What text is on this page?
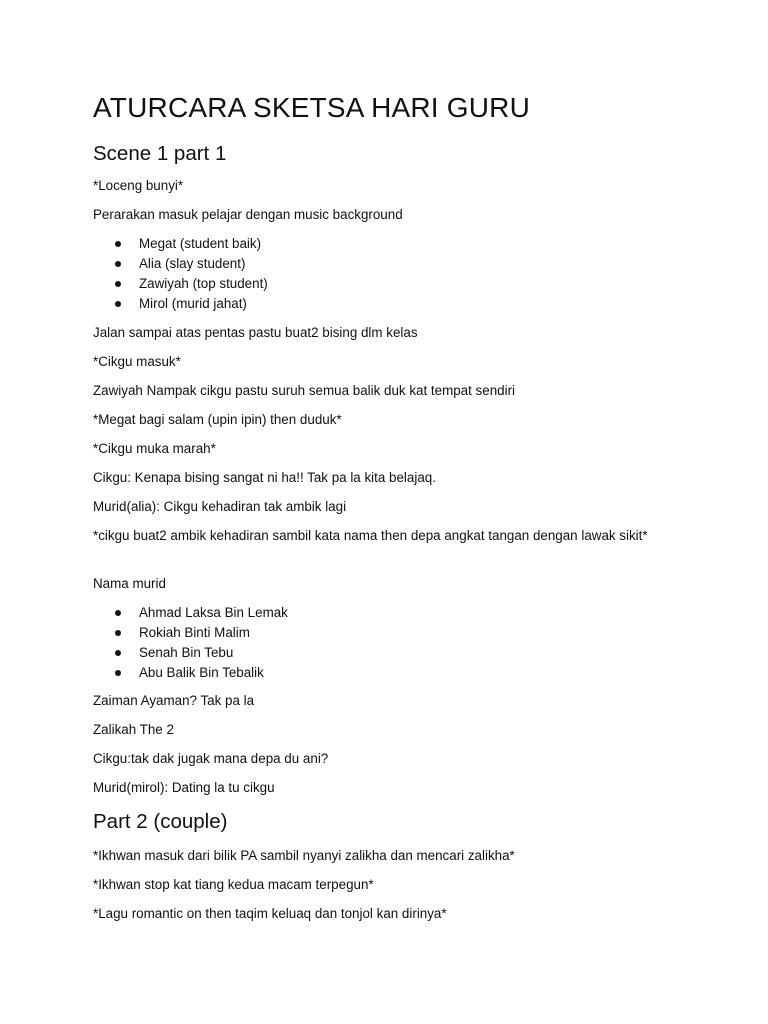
ATURCARA SKETSA HARI GURU
Scene 1 part 1
*Loceng bunyi*
Perarakan masuk pelajar dengan music background
Megat (student baik)
Alia (slay student)
Zawiyah (top student)
Mirol (murid jahat)
Jalan sampai atas pentas pastu buat2 bising dlm kelas
*Cikgu masuk*
Zawiyah Nampak cikgu pastu suruh semua balik duk kat tempat sendiri
*Megat bagi salam (upin ipin) then duduk*
*Cikgu muka marah*
Cikgu: Kenapa bising sangat ni ha!! Tak pa la kita belajaq.
Murid(alia): Cikgu kehadiran tak ambik lagi
*cikgu buat2 ambik kehadiran sambil kata nama then depa angkat tangan dengan lawak sikit*
Nama murid
Ahmad Laksa Bin Lemak
Rokiah Binti Malim
Senah Bin Tebu
Abu Balik Bin Tebalik
Zaiman Ayaman? Tak pa la
Zalikah The 2
Cikgu:tak dak jugak mana depa du ani?
Murid(mirol): Dating la tu cikgu
Part 2 (couple)
*Ikhwan masuk dari bilik PA sambil nyanyi zalikha dan mencari zalikha*
*Ikhwan stop kat tiang kedua macam terpegun*
*Lagu romantic on then taqim keluaq dan tonjol kan dirinya*
